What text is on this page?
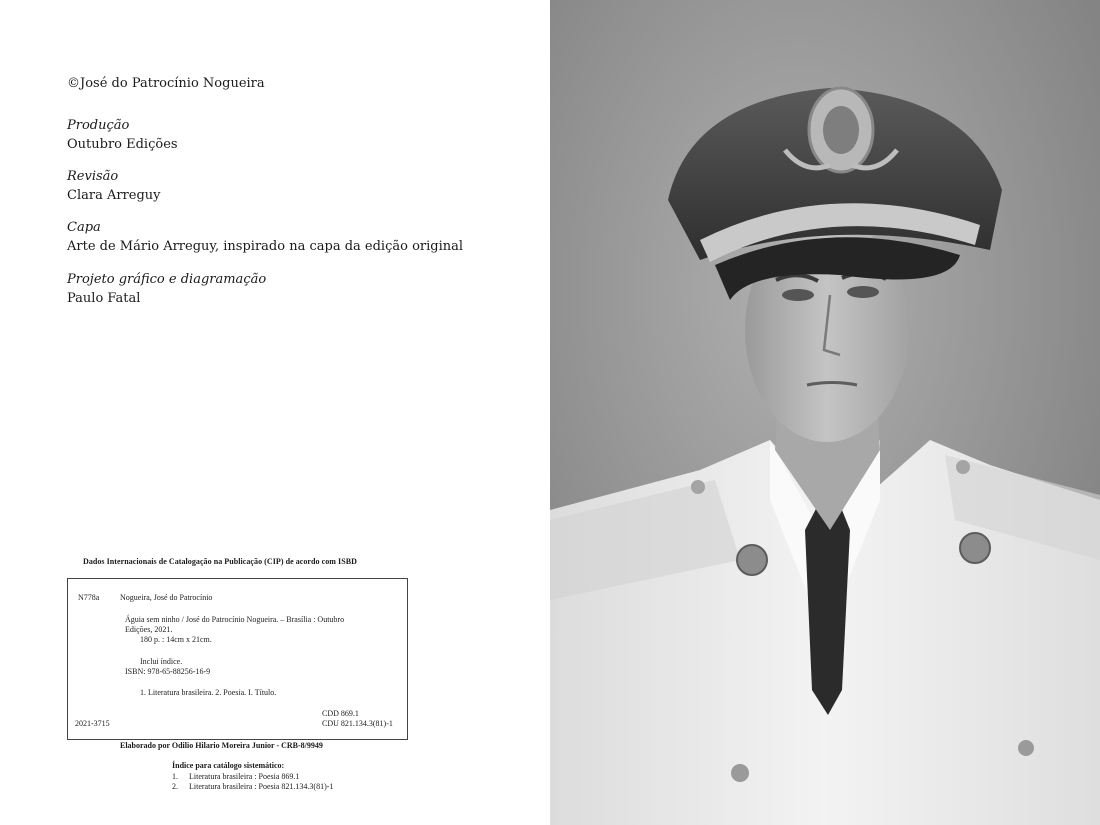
©José do Patrocínio Nogueira
Produção
Outubro Edições
Revisão
Clara Arreguy
Capa
Arte de Mário Arreguy, inspirado na capa da edição original
Projeto gráfico e diagramação
Paulo Fatal
Dados Internacionais de Catalogação na Publicação (CIP) de acordo com ISBD
N778a	Nogueira, José do Patrocínio
Águia sem ninho / José do Patrocínio Nogueira. – Brasília : Outubro
Edições, 2021.
180 p. : 14cm x 21cm.
Inclui índice.
ISBN: 978-65-88256-16-9
1. Literatura brasileira. 2. Poesia. I. Título.
CDD 869.1
2021-3715	CDU 821.134.3(81)-1
Elaborado por Odilio Hilario Moreira Junior - CRB-8/9949
Índice para catálogo sistemático:
1. Literatura brasileira : Poesia 869.1
2. Literatura brasileira : Poesia 821.134.3(81)-1
